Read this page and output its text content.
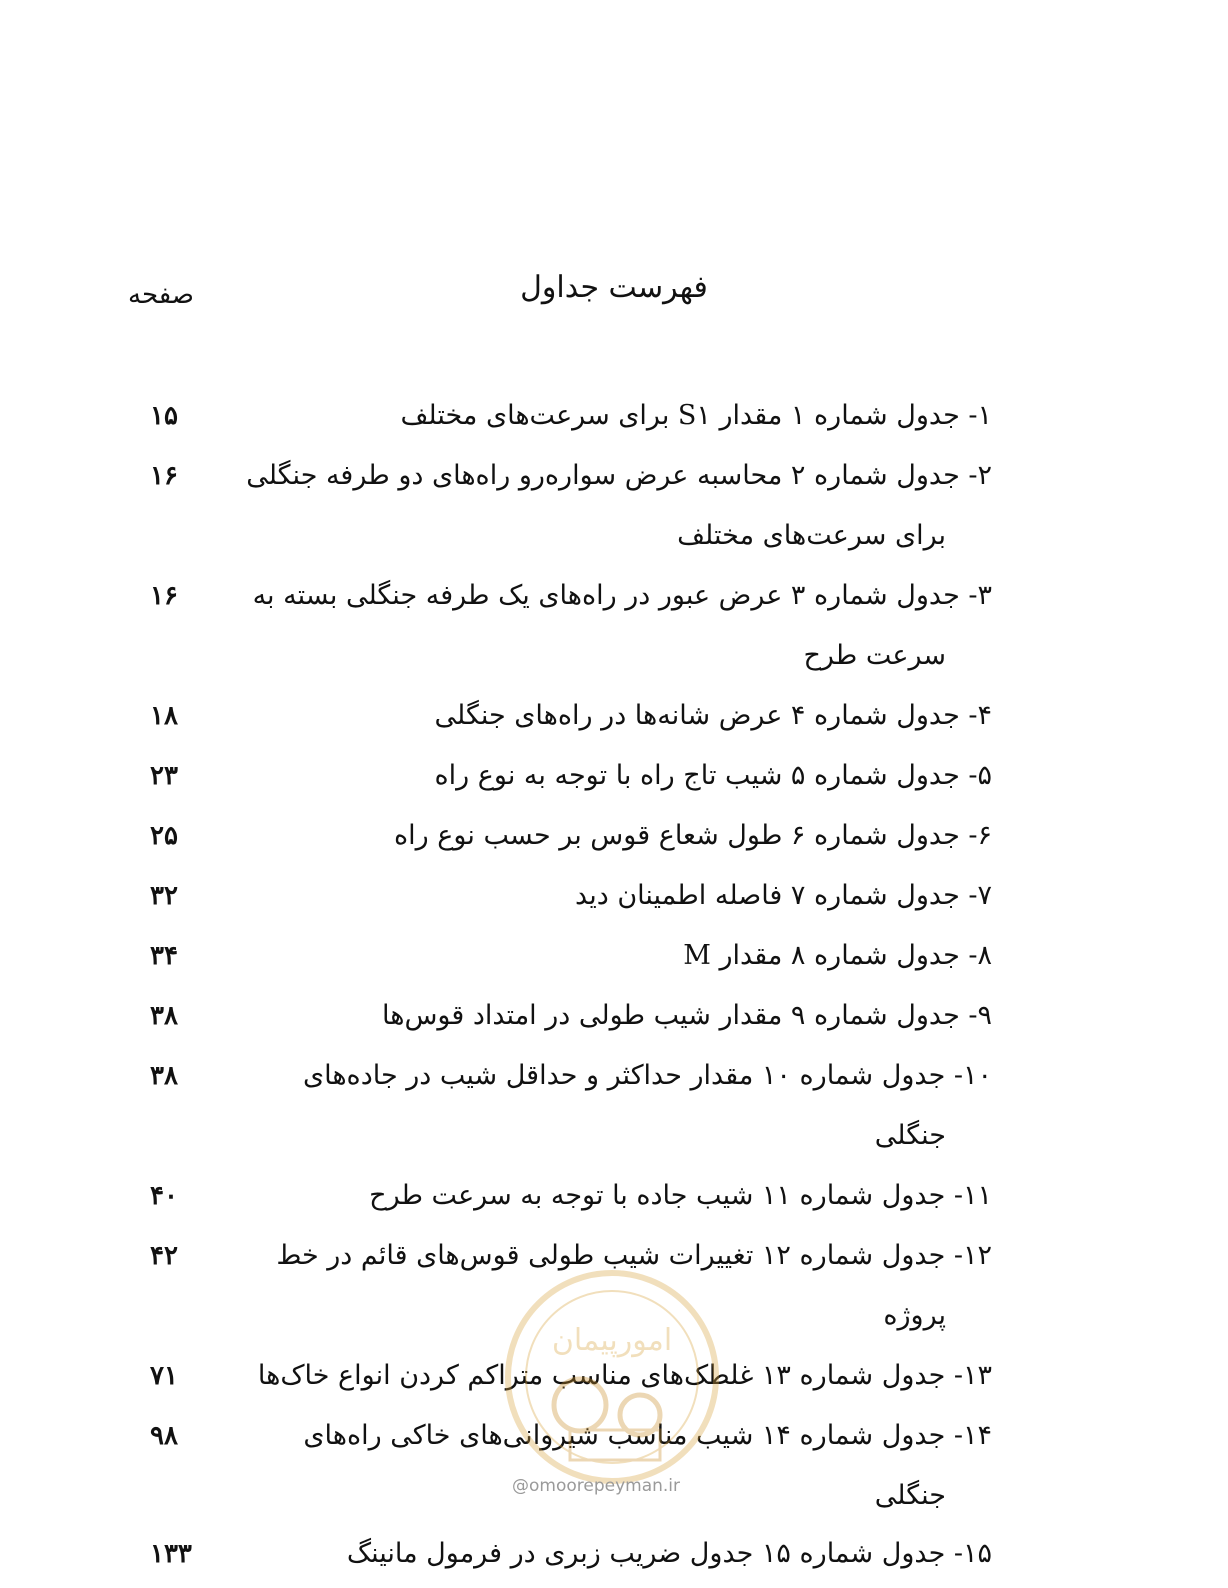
فهرست جداول
صفحه
۱- جدول شماره ۱ مقدار S۱ برای سرعت‌های مختلف
۱۵
۲- جدول شماره ۲ محاسبه عرض سواره‌رو راه‌های دو طرفه جنگلی
۱۶
برای سرعت‌های مختلف
۳- جدول شماره ۳ عرض عبور در راه‌های یک طرفه جنگلی بسته به
۱۶
سرعت طرح
۴- جدول شماره ۴ عرض شانه‌ها در راه‌های جنگلی
۱۸
۵- جدول شماره ۵ شیب تاج راه با توجه به نوع راه
۲۳
۶- جدول شماره ۶ طول شعاع قوس بر حسب نوع راه
۲۵
۷- جدول شماره ۷ فاصله اطمینان دید
۳۲
۸- جدول شماره ۸ مقدار M
۳۴
۹- جدول شماره ۹ مقدار شیب طولی در امتداد قوس‌ها
۳۸
۱۰- جدول شماره ۱۰ مقدار حداکثر و حداقل شیب در جاده‌های
۳۸
جنگلی
۱۱- جدول شماره ۱۱ شیب جاده با توجه به سرعت طرح
۴۰
۱۲- جدول شماره ۱۲ تغییرات شیب طولی قوس‌های قائم در خط
۴۲
پروژه
۱۳- جدول شماره ۱۳ غلطک‌های مناسب متراکم کردن انواع خاک‌ها
۷۱
۱۴- جدول شماره ۱۴ شیب مناسب شیروانی‌های خاکی راه‌های
۹۸
جنگلی
۱۵- جدول شماره ۱۵ جدول ضریب زبری در فرمول مانینگ
۱۳۳
امورپیمان
@omoorepeyman.ir
